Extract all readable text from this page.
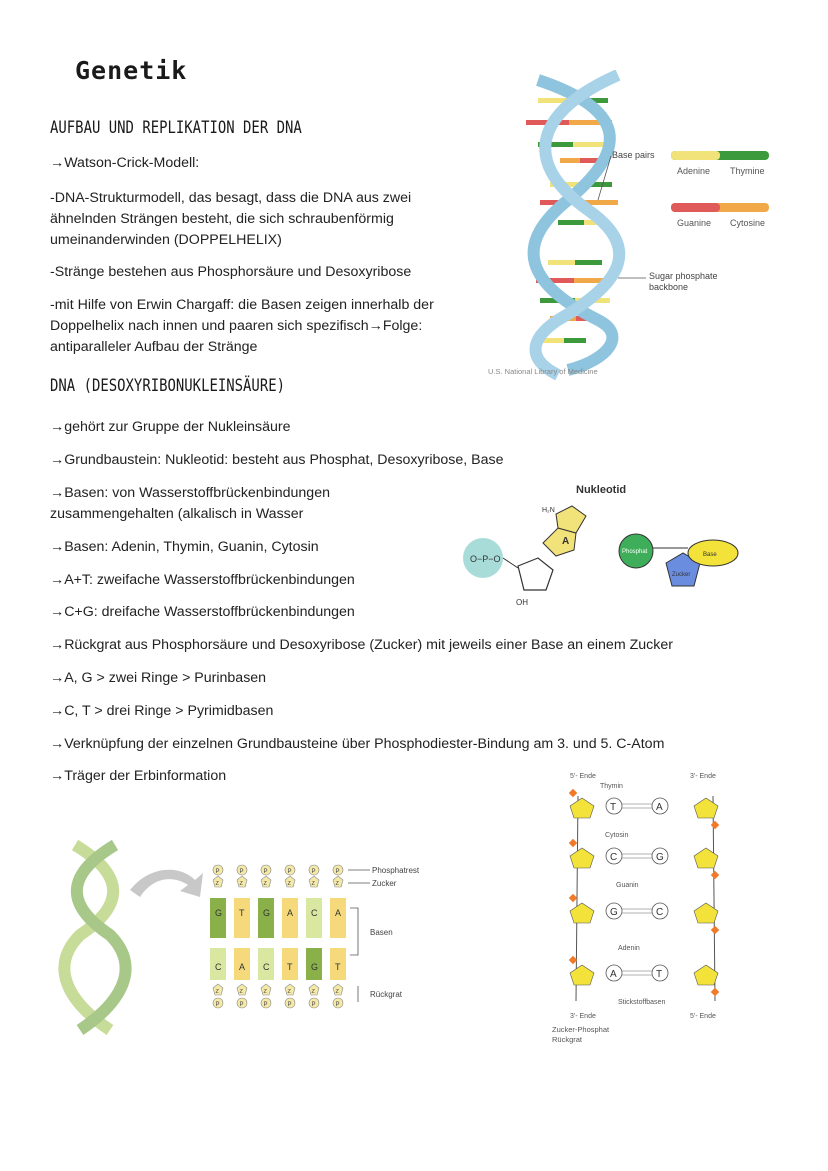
Genetik
AUFBAU UND REPLIKATION DER DNA
→Watson-Crick-Modell:
-DNA-Strukturmodell, das besagt, dass die DNA aus zwei
ähnelnden Strängen besteht, die sich schraubenförmig
umeinanderwinden (DOPPELHELIX)
-Stränge bestehen aus Phosphorsäure und Desoxyribose
-mit Hilfe von Erwin Chargaff: die Basen zeigen innerhalb der
Doppelhelix nach innen und paaren sich spezifisch→Folge:
antiparalleler Aufbau der Stränge
Base pairs
Adenine Thymine
Guanine Cytosine
Sugar phosphate
backbone
U.S. National Library of Medicine
DNA (DESOXYRIBONUKLEINSÄURE)
→gehört zur Gruppe der Nukleinsäure
→Grundbaustein: Nukleotid: besteht aus Phosphat, Desoxyribose, Base
→Basen: von Wasserstoffbrückenbindungen
zusammengehalten (alkalisch in Wasser
→Basen: Adenin, Thymin, Guanin, Cytosin
→A+T: zweifache Wasserstoffbrückenbindungen
→C+G: dreifache Wasserstoffbrückenbindungen
→Rückgrat aus Phosphorsäure und Desoxyribose (Zucker) mit jeweils einer Base an einem Zucker
→A, G > zwei Ringe > Purinbasen
→C, T > drei Ringe > Pyrimidbasen
→Verknüpfung der einzelnen Grundbausteine über Phosphodiester-Bindung am 3. und 5. C-Atom
→Träger der Erbinformation
Nukleotid
O−P−O
OH
A
H₂N
Phosphat
Zucker
Base
P
Z
G
P
Z
T
P
Z
G
P
Z
A
P
Z
C
P
Z
A
C
Z
P
A
Z
P
C
Z
P
T
Z
P
G
Z
P
T
Z
P
Phosphatrest
Zucker
Basen
Rückgrat
5'- Ende	3'- Ende
Thymin
Cytosin
Guanin
Adenin
T	A
C	G
G	C
A	T
Stickstoffbasen
3'- Ende	5'- Ende
Zucker-Phosphat
Rückgrat
